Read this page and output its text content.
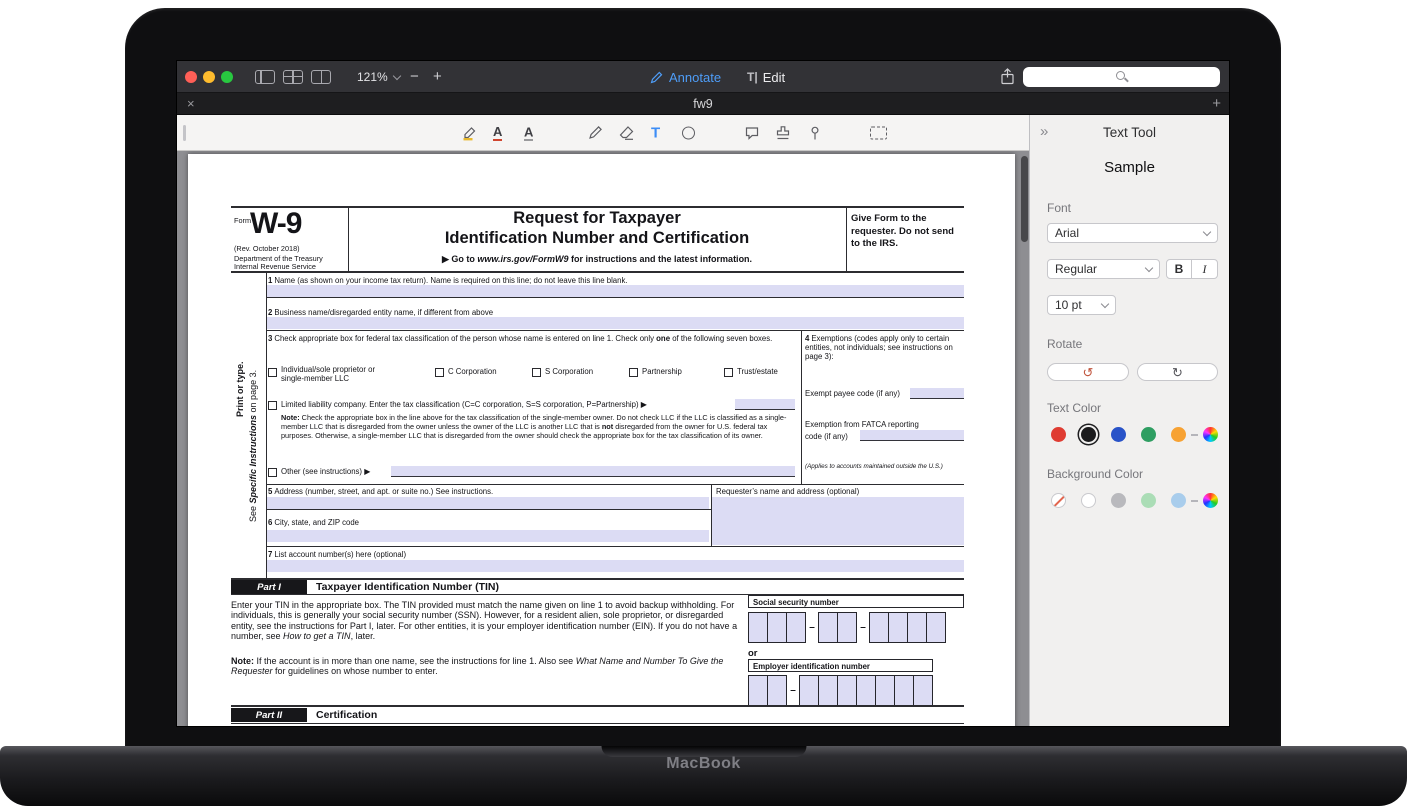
121% − +	Annotate T| Edit
×	fw9	+
A A	T
Form
W-9
(Rev. October 2018)
Department of the Treasury
Internal Revenue Service
Request for Taxpayer
Identification Number and Certification
▶ Go to www.irs.gov/FormW9 for instructions and the latest information.
Give Form to the requester. Do not send to the IRS.
Print or type.
See Specific Instructions on page 3.
1 Name (as shown on your income tax return). Name is required on this line; do not leave this line blank.
2 Business name/disregarded entity name, if different from above
3 Check appropriate box for federal tax classification of the person whose name is entered on line 1. Check only one of the following seven boxes.
Individual/sole proprietor or
single-member LLC
C Corporation	S Corporation	Partnership	Trust/estate
Limited liability company. Enter the tax classification (C=C corporation, S=S corporation, P=Partnership) ▶
Note: Check the appropriate box in the line above for the tax classification of the single-member owner. Do not check LLC if the LLC is classified as a single-member LLC that is disregarded from the owner unless the owner of the LLC is another LLC that is not disregarded from the owner for U.S. federal tax purposes. Otherwise, a single-member LLC that is disregarded from the owner should check the appropriate box for the tax classification of its owner.
Other (see instructions) ▶
4 Exemptions (codes apply only to certain entities, not individuals; see instructions on page 3):
Exempt payee code (if any)
Exemption from FATCA reporting
code (if any)
(Applies to accounts maintained outside the U.S.)
5 Address (number, street, and apt. or suite no.) See instructions.	Requester’s name and address (optional)
6 City, state, and ZIP code
7 List account number(s) here (optional)
Part I	Taxpayer Identification Number (TIN)
Enter your TIN in the appropriate box. The TIN provided must match the name given on line 1 to avoid backup withholding. For individuals, this is generally your social security number (SSN). However, for a resident alien, sole proprietor, or disregarded entity, see the instructions for Part I, later. For other entities, it is your employer identification number (EIN). If you do not have a number, see How to get a TIN, later.
Note: If the account is in more than one name, see the instructions for line 1. Also see What Name and Number To Give the Requester for guidelines on whose number to enter.
Social security number
–	–
or
Employer identification number
–
Part II	Certification
»	Text Tool
Sample
Font
Arial
Regular	B	I
10 pt
Rotate
↺	↻
Text Color
Background Color
MacBook
